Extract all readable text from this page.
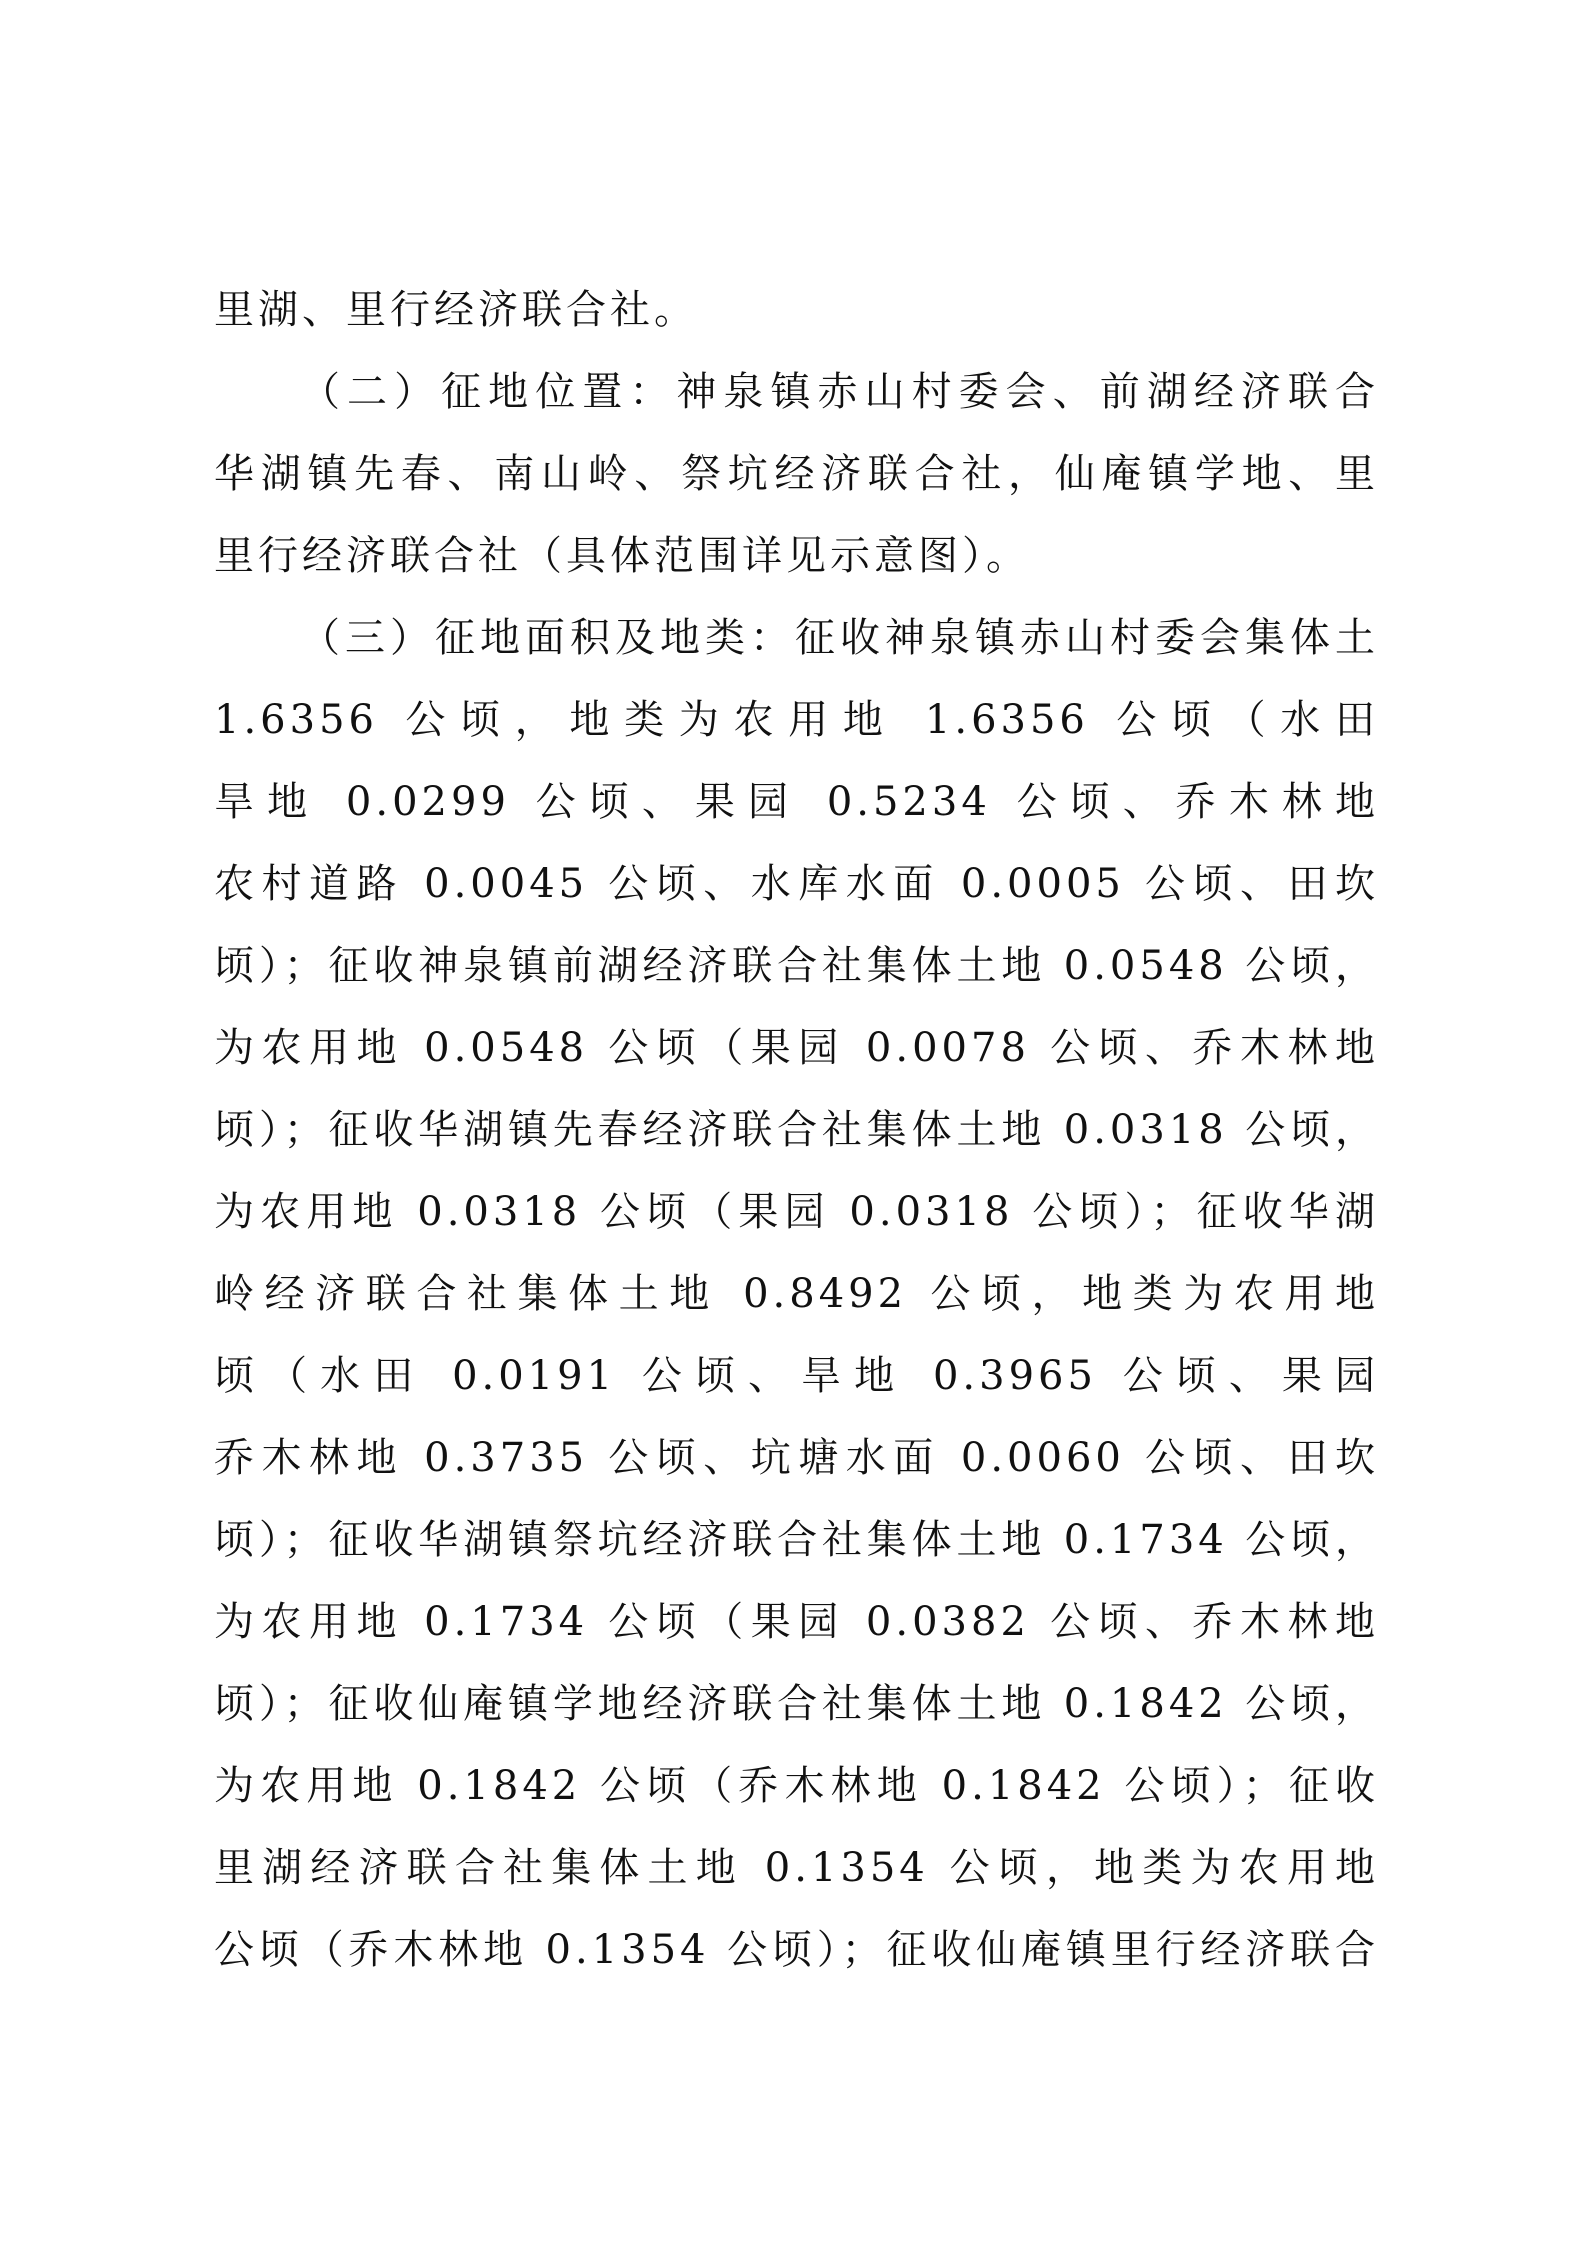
里湖、里行经济联合社。
（二）征地位置：神泉镇赤山村委会、前湖经济联合
华湖镇先春、南山岭、祭坑经济联合社，仙庵镇学地、里
里行经济联合社（具体范围详见示意图）。
（三）征地面积及地类：征收神泉镇赤山村委会集体土
1.6356 公顷，地类为农用地 1.6356 公顷（水田
旱地 0.0299 公顷、果园 0.5234 公顷、乔木林地
农村道路 0.0045 公顷、水库水面 0.0005 公顷、田坎
顷）；征收神泉镇前湖经济联合社集体土地 0.0548 公顷，
为农用地 0.0548 公顷（果园 0.0078 公顷、乔木林地
顷）；征收华湖镇先春经济联合社集体土地 0.0318 公顷，
为农用地 0.0318 公顷（果园 0.0318 公顷）；征收华湖
岭经济联合社集体土地 0.8492 公顷，地类为农用地
顷（水田 0.0191 公顷、旱地 0.3965 公顷、果园
乔木林地 0.3735 公顷、坑塘水面 0.0060 公顷、田坎
顷）；征收华湖镇祭坑经济联合社集体土地 0.1734 公顷，
为农用地 0.1734 公顷（果园 0.0382 公顷、乔木林地
顷）；征收仙庵镇学地经济联合社集体土地 0.1842 公顷，
为农用地 0.1842 公顷（乔木林地 0.1842 公顷）；征收
里湖经济联合社集体土地 0.1354 公顷，地类为农用地
公顷（乔木林地 0.1354 公顷）；征收仙庵镇里行经济联合
